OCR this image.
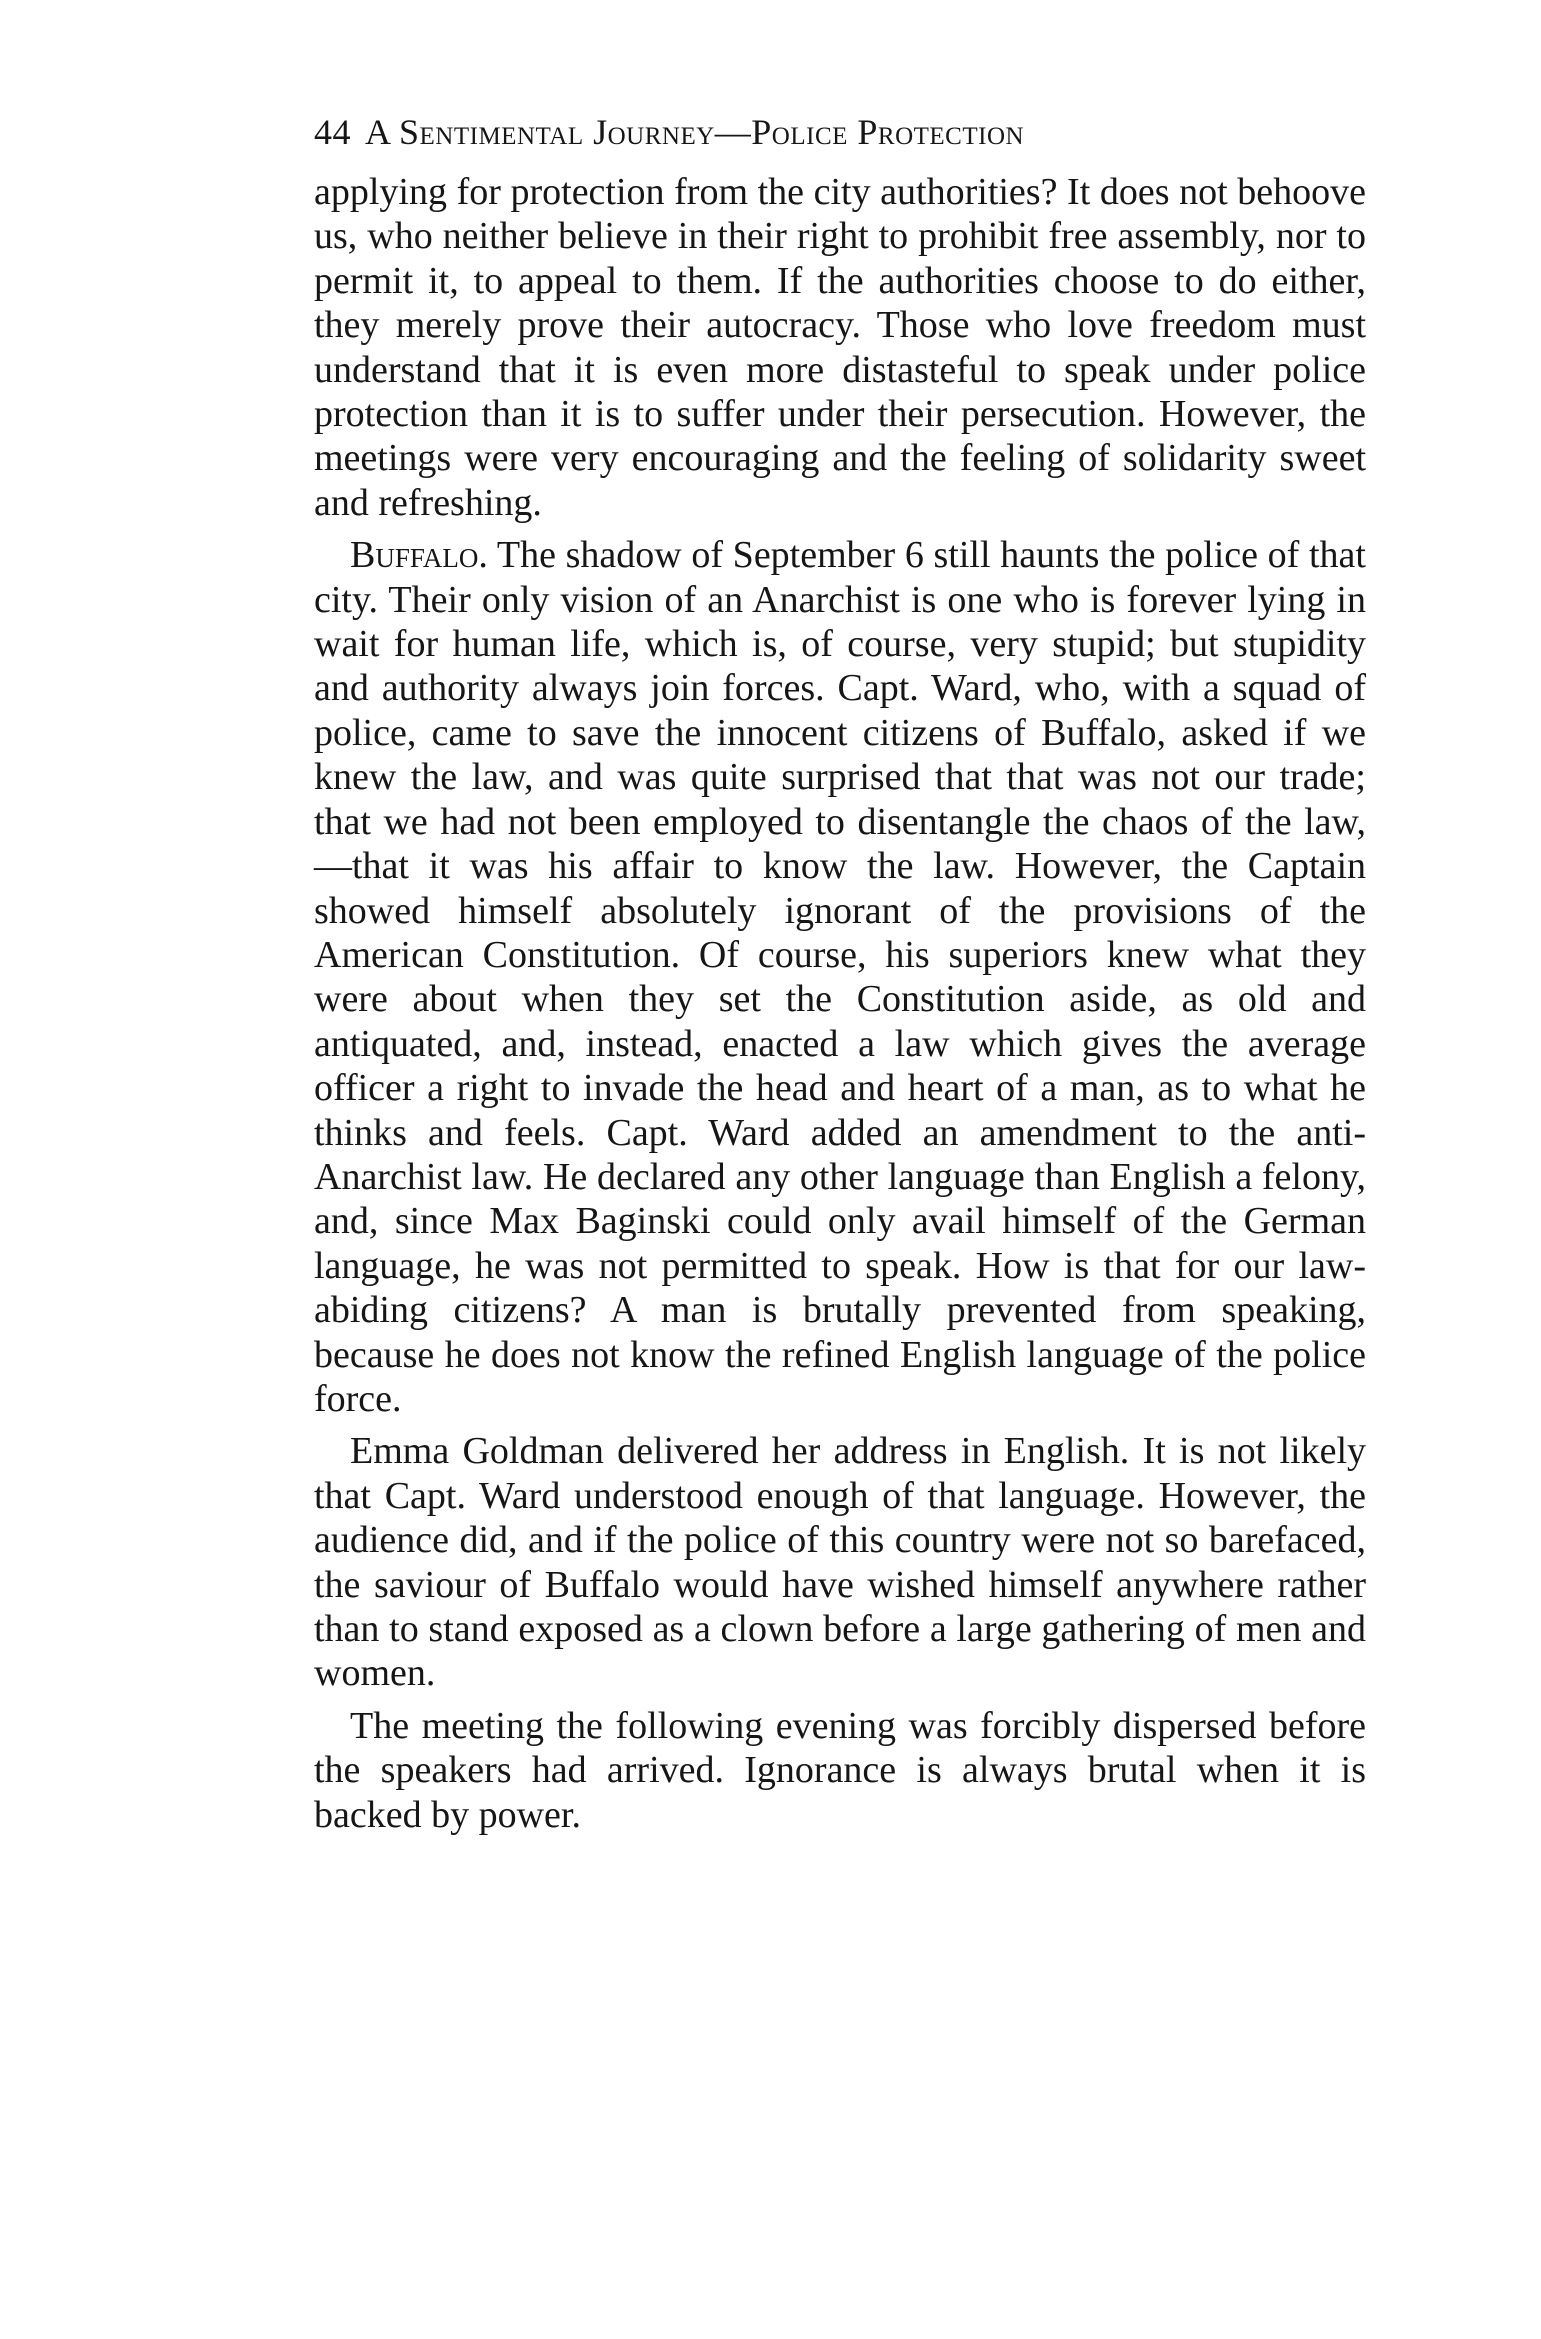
44 A Sentimental Journey—Police Protection

applying for protection from the city authorities? It does not behoove us, who neither believe in their right to prohibit free assembly, nor to permit it, to appeal to them. If the authorities choose to do either, they merely prove their autocracy. Those who love freedom must understand that it is even more distasteful to speak under police protection than it is to suffer under their persecution. However, the meetings were very encouraging and the feeling of solidarity sweet and refreshing.

Buffalo. The shadow of September 6 still haunts the police of that city. Their only vision of an Anarchist is one who is forever lying in wait for human life, which is, of course, very stupid; but stupidity and authority always join forces. Capt. Ward, who, with a squad of police, came to save the innocent citizens of Buffalo, asked if we knew the law, and was quite surprised that that was not our trade; that we had not been employed to disentangle the chaos of the law,—that it was his affair to know the law. However, the Captain showed himself absolutely ignorant of the provisions of the American Constitution. Of course, his superiors knew what they were about when they set the Constitution aside, as old and antiquated, and, instead, enacted a law which gives the average officer a right to invade the head and heart of a man, as to what he thinks and feels. Capt. Ward added an amendment to the anti-Anarchist law. He declared any other language than English a felony, and, since Max Baginski could only avail himself of the German language, he was not permitted to speak. How is that for our law-abiding citizens? A man is brutally prevented from speaking, because he does not know the refined English language of the police force.

Emma Goldman delivered her address in English. It is not likely that Capt. Ward understood enough of that language. However, the audience did, and if the police of this country were not so barefaced, the saviour of Buffalo would have wished himself anywhere rather than to stand exposed as a clown before a large gathering of men and women.

The meeting the following evening was forcibly dispersed before the speakers had arrived. Ignorance is always brutal when it is backed by power.
